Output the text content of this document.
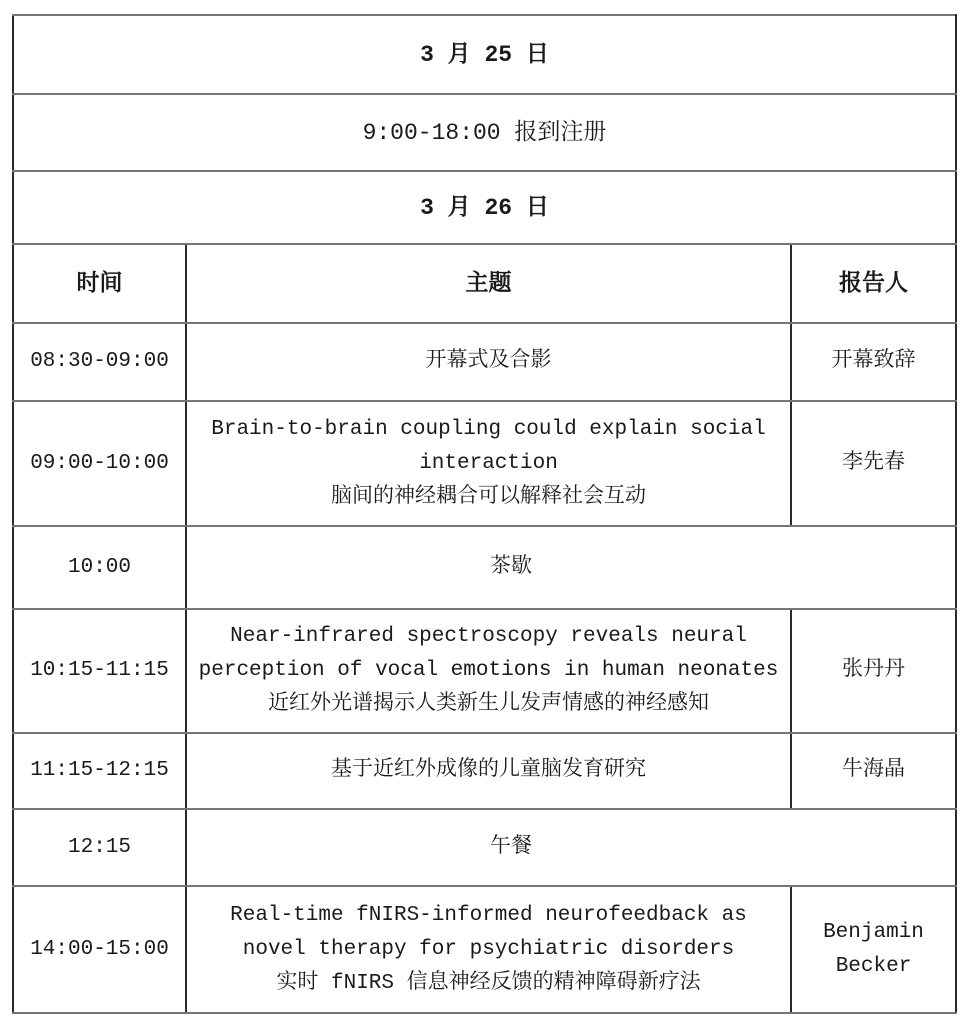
3 月 25 日		
9:00-18:00 报到注册		
3 月 26 日		
时间	主题	报告人
08:30-09:00	开幕式及合影	开幕致辞
09:00-10:00	Brain-to-brain coupling could explain social
interaction
脑间的神经耦合可以解释社会互动	李先春
10:00	茶歇	

10:15-11:15	Near-infrared spectroscopy reveals neural
perception of vocal emotions in human neonates
近红外光谱揭示人类新生儿发声情感的神经感知	张丹丹
11:15-12:15	基于近红外成像的儿童脑发育研究	牛海晶
12:15	午餐	

14:00-15:00	Real-time fNIRS-informed neurofeedback as
novel therapy for psychiatric disorders
实时 fNIRS 信息神经反馈的精神障碍新疗法	Benjamin Becker
